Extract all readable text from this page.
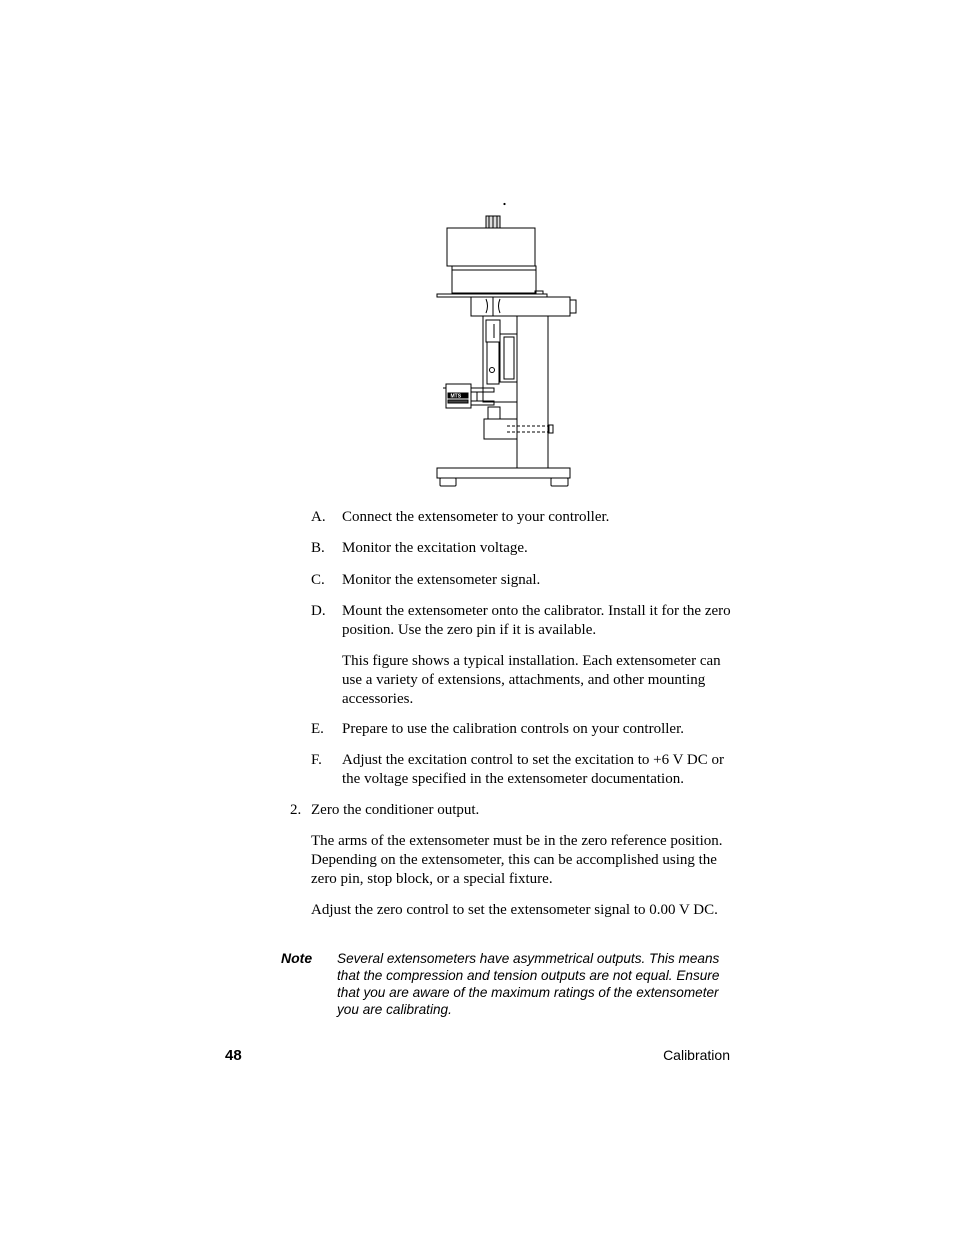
MTS
A. Connect the extensometer to your controller.
B. Monitor the excitation voltage.
C. Monitor the extensometer signal.
D. Mount the extensometer onto the calibrator. Install it for the zero position. Use the zero pin if it is available.
This figure shows a typical installation. Each extensometer can use a variety of extensions, attachments, and other mounting accessories.
E. Prepare to use the calibration controls on your controller.
F. Adjust the excitation control to set the excitation to +6 V DC or the voltage specified in the extensometer documentation.
2. Zero the conditioner output.
The arms of the extensometer must be in the zero reference position. Depending on the extensometer, this can be accomplished using the zero pin, stop block, or a special fixture.
Adjust the zero control to set the extensometer signal to 0.00 V DC.
Note Several extensometers have asymmetrical outputs. This means that the compression and tension outputs are not equal. Ensure that you are aware of the maximum ratings of the extensometer you are calibrating.
48	Calibration
